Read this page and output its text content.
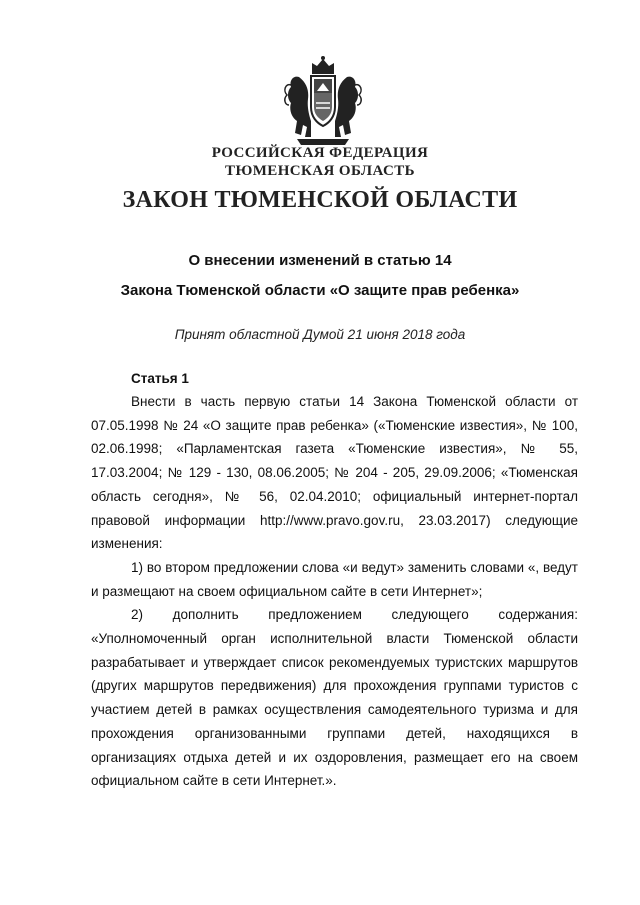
РОССИЙСКАЯ ФЕДЕРАЦИЯ
ТЮМЕНСКАЯ ОБЛАСТЬ
ЗАКОН ТЮМЕНСКОЙ ОБЛАСТИ
О внесении изменений в статью 14
Закона Тюменской области «О защите прав ребенка»
Принят областной Думой 21 июня 2018 года
Статья 1

Внести в часть первую статьи 14 Закона Тюменской области от 07.05.1998 № 24 «О защите прав ребенка» («Тюменские известия», № 100, 02.06.1998; «Парламентская газета «Тюменские известия», № 55, 17.03.2004; № 129 - 130, 08.06.2005; № 204 - 205, 29.09.2006; «Тюменская область сегодня», № 56, 02.04.2010; официальный интернет-портал правовой информации http://www.pravo.gov.ru, 23.03.2017) следующие изменения:

1) во втором предложении слова «и ведут» заменить словами «, ведут и размещают на своем официальном сайте в сети Интернет»;

2) дополнить предложением следующего содержания: «Уполномоченный орган исполнительной власти Тюменской области разрабатывает и утверждает список рекомендуемых туристских маршрутов (других маршрутов передвижения) для прохождения группами туристов с участием детей в рамках осуществления самодеятельного туризма и для прохождения организованными группами детей, находящихся в организациях отдыха детей и их оздоровления, размещает его на своем официальном сайте в сети Интернет.».
